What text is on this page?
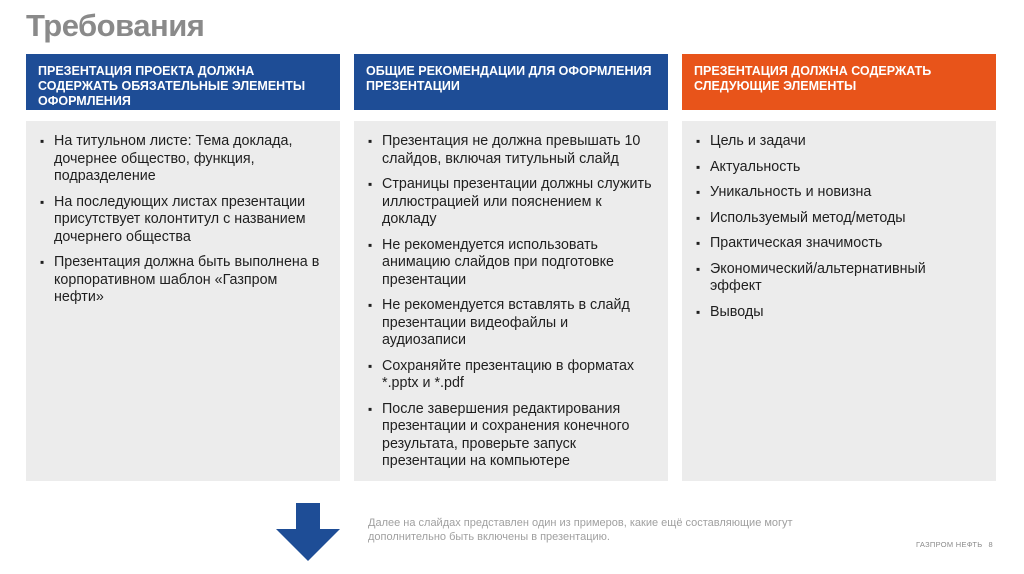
Требования
ПРЕЗЕНТАЦИЯ ПРОЕКТА ДОЛЖНА СОДЕРЖАТЬ ОБЯЗАТЕЛЬНЫЕ ЭЛЕМЕНТЫ ОФОРМЛЕНИЯ
▪ На титульном листе: Тема доклада, дочернее общество, функция, подразделение
▪ На последующих листах презентации присутствует колонтитул с названием дочернего общества
▪ Презентация должна быть выполнена в корпоративном шаблон «Газпром нефти»
ОБЩИЕ РЕКОМЕНДАЦИИ ДЛЯ ОФОРМЛЕНИЯ ПРЕЗЕНТАЦИИ
▪ Презентация не должна превышать 10 слайдов, включая титульный слайд
▪ Страницы презентации должны служить иллюстрацией или пояснением к докладу
▪ Не рекомендуется использовать анимацию слайдов при подготовке презентации
▪ Не рекомендуется вставлять в слайд презентации видеофайлы и аудиозаписи
▪ Сохраняйте презентацию в форматах *.pptx и *.pdf
▪ После завершения редактирования презентации и сохранения конечного результата, проверьте запуск презентации на компьютере
ПРЕЗЕНТАЦИЯ ДОЛЖНА СОДЕРЖАТЬ СЛЕДУЮЩИЕ ЭЛЕМЕНТЫ
▪ Цель и задачи
▪ Актуальность
▪ Уникальность и новизна
▪ Используемый метод/методы
▪ Практическая значимость
▪ Экономический/альтернативный эффект
▪ Выводы
Далее на слайдах представлен один из примеров, какие ещё составляющие могут дополнительно быть включены в презентацию.
ГАЗПРОМ НЕФТЬ 8
